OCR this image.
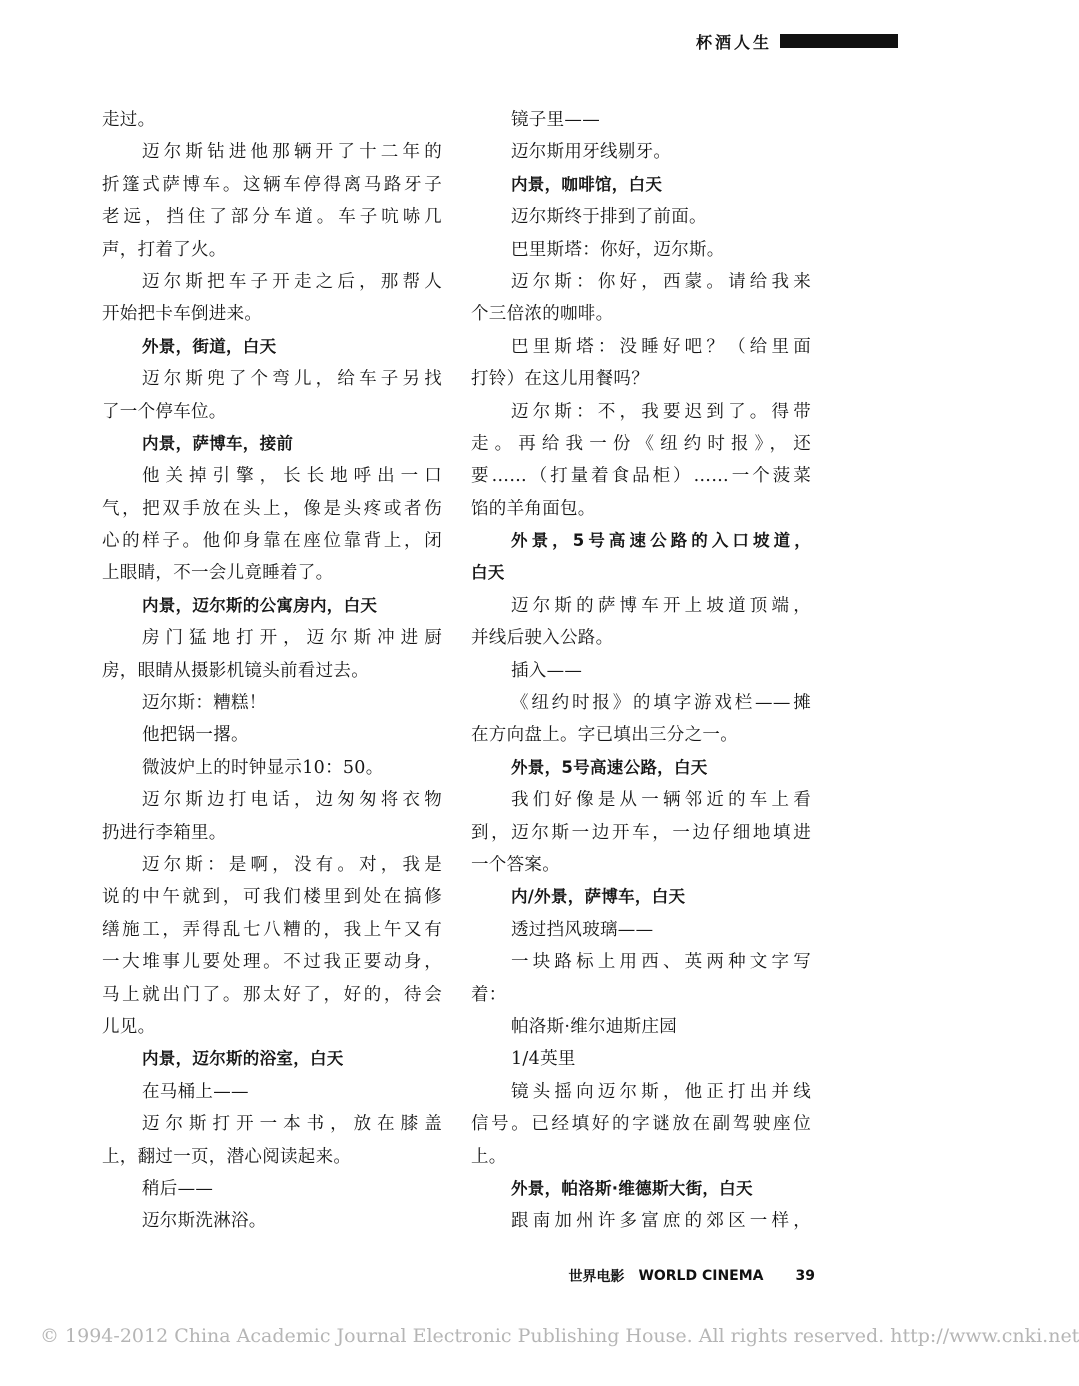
杯酒人生
走过。
迈尔斯钻进他那辆开了十二年的
折篷式萨博车。这辆车停得离马路牙子
老远，挡住了部分车道。车子吭哧几
声，打着了火。
迈尔斯把车子开走之后，那帮人
开始把卡车倒进来。
外景，街道，白天
迈尔斯兜了个弯儿，给车子另找
了一个停车位。
内景，萨博车，接前
他关掉引擎，长长地呼出一口
气，把双手放在头上，像是头疼或者伤
心的样子。他仰身靠在座位靠背上，闭
上眼睛，不一会儿竟睡着了。
内景，迈尔斯的公寓房内，白天
房门猛地打开，迈尔斯冲进厨
房，眼睛从摄影机镜头前看过去。
迈尔斯：糟糕！
他把锅一撂。
微波炉上的时钟显示10：50。
迈尔斯边打电话，边匆匆将衣物
扔进行李箱里。
迈尔斯：是啊，没有。对，我是
说的中午就到，可我们楼里到处在搞修
缮施工，弄得乱七八糟的，我上午又有
一大堆事儿要处理。不过我正要动身，
马上就出门了。那太好了，好的，待会
儿见。
内景，迈尔斯的浴室，白天
在马桶上——
迈尔斯打开一本书，放在膝盖
上，翻过一页，潜心阅读起来。
稍后——
迈尔斯洗淋浴。
镜子里——
迈尔斯用牙线剔牙。
内景，咖啡馆，白天
迈尔斯终于排到了前面。
巴里斯塔：你好，迈尔斯。
迈尔斯：你好，西蒙。请给我来
个三倍浓的咖啡。
巴里斯塔：没睡好吧？（给里面
打铃）在这儿用餐吗？
迈尔斯：不，我要迟到了。得带
走。再给我一份《纽约时报》，还
要……（打量着食品柜）……一个菠菜
馅的羊角面包。
外景，5号高速公路的入口坡道，
白天
迈尔斯的萨博车开上坡道顶端，
并线后驶入公路。
插入——
《纽约时报》的填字游戏栏——摊
在方向盘上。字已填出三分之一。
外景，5号高速公路，白天
我们好像是从一辆邻近的车上看
到，迈尔斯一边开车，一边仔细地填进
一个答案。
内/外景，萨博车，白天
透过挡风玻璃——
一块路标上用西、英两种文字写
着：
帕洛斯·维尔迪斯庄园
1/4英里
镜头摇向迈尔斯，他正打出并线
信号。已经填好的字谜放在副驾驶座位
上。
外景，帕洛斯·维德斯大街，白天
跟南加州许多富庶的郊区一样，
世界电影 WORLD CINEMA 39
© 1994-2012 China Academic Journal Electronic Publishing House. All rights reserved. http://www.cnki.net
